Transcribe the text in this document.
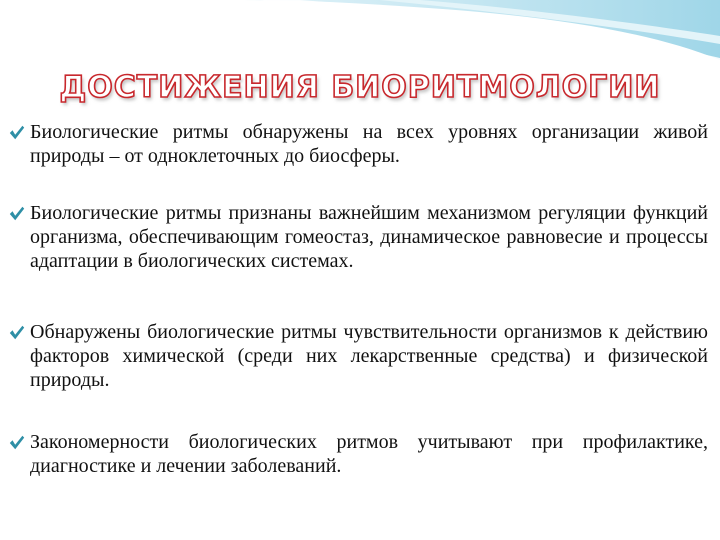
ДОСТИЖЕНИЯ БИОРИТМОЛОГИИ
Биологические ритмы обнаружены на всех уровнях организации живой природы – от одноклеточных до биосферы.
Биологические ритмы признаны важнейшим механизмом регуляции функций организма, обеспечивающим гомеостаз, динамическое равновесие и процессы адаптации в биологических системах.
Обнаружены биологические ритмы чувствительности организмов к действию факторов химической (среди них лекарственные средства) и физической природы.
Закономерности биологических ритмов учитывают при профилактике, диагностике и лечении заболеваний.
